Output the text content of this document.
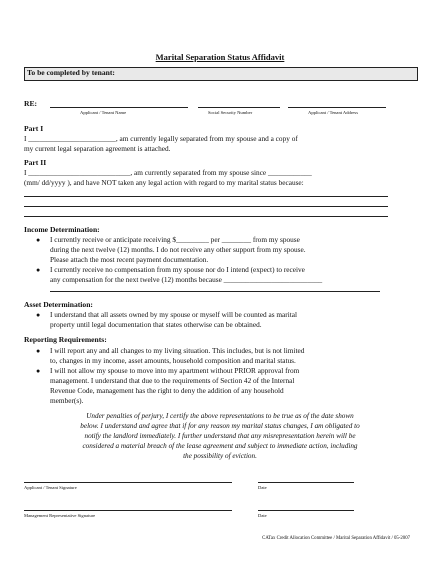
Marital Separation Status Affidavit
To be completed by tenant:
RE:
Applicant / Tenant Name	Social Security Number	Applicant / Tenant Address
Part I
I ________________________, am currently legally separated from my spouse and a copy of
my current legal separation agreement is attached.
Part II
I ____________________________, am currently separated from my spouse since ____________
(mm/ dd/yyyy ), and have NOT taken any legal action with regard to my marital status because:
Income Determination:
● I currently receive or anticipate receiving $_________ per ________ from my spouse
during the next twelve (12) months. I do not receive any other support from my spouse.
Please attach the most recent payment documentation.
● I currently receive no compensation from my spouse nor do I intend (expect) to receive
any compensation for the next twelve (12) months because ___________________________
Asset Determination:
● I understand that all assets owned by my spouse or myself will be counted as marital
property until legal documentation that states otherwise can be obtained.
Reporting Requirements:
● I will report any and all changes to my living situation. This includes, but is not limited
to, changes in my income, asset amounts, household composition and marital status.
● I will not allow my spouse to move into my apartment without PRIOR approval from
management. I understand that due to the requirements of Section 42 of the Internal
Revenue Code, management has the right to deny the addition of any household
member(s).
Under penalties of perjury, I certify the above representations to be true as of the date shown
below. I understand and agree that if for any reason my marital status changes, I am obligated to
notify the landlord immediately. I further understand that any misrepresentation herein will be
considered a material breach of the lease agreement and subject to immediate action, including
the possibility of eviction.
Applicant / Tenant Signature	Date
Management Representative Signature	Date
CATax Credit Allocation Committee / Marital Separation Affidavit / 05-2007
